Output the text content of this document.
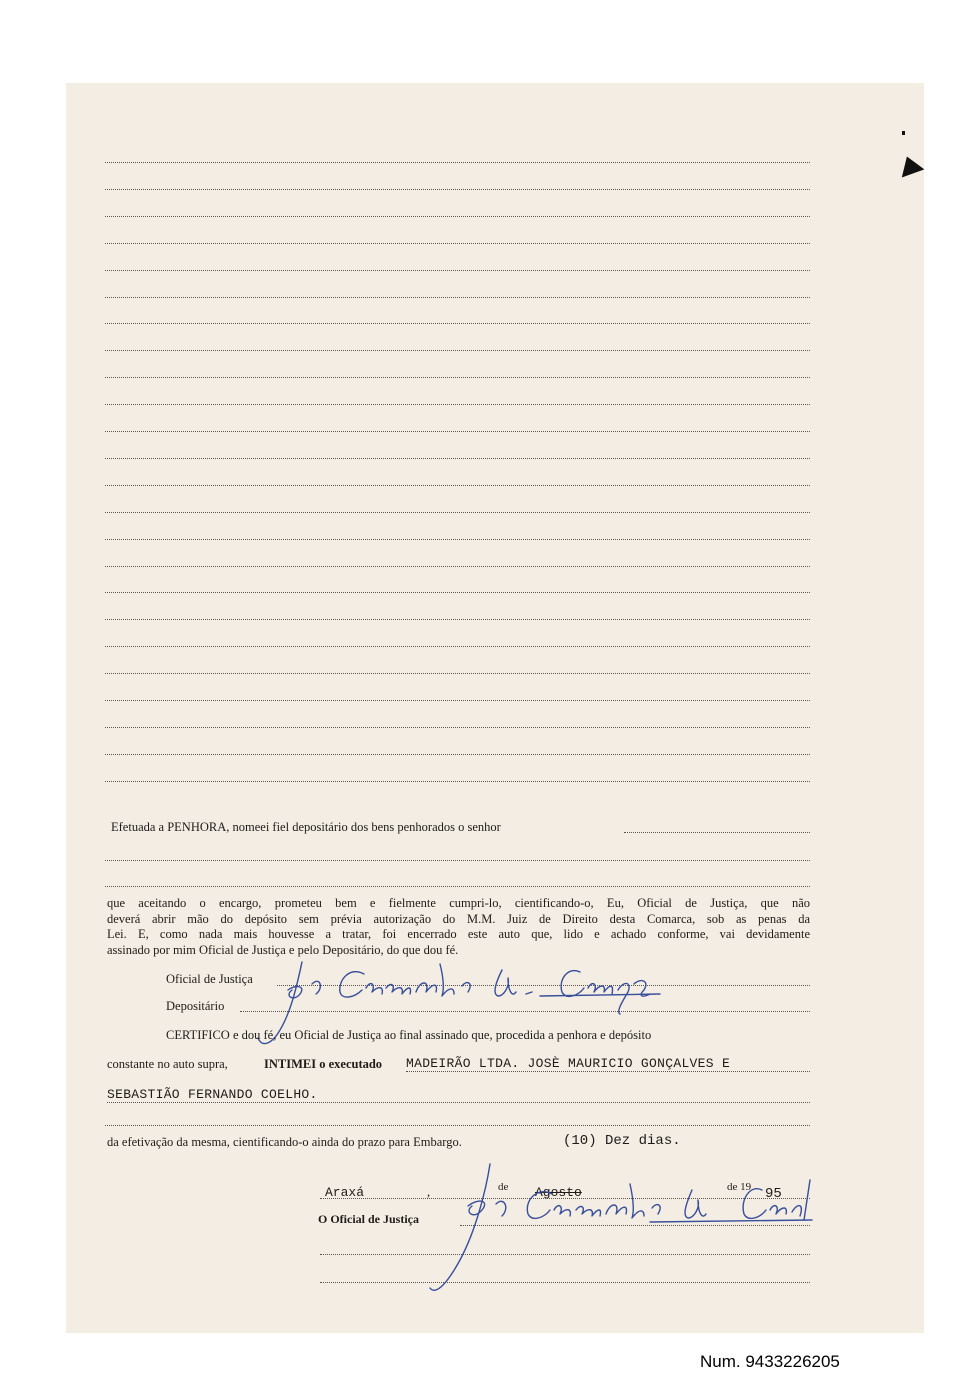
Efetuada a PENHORA, nomeei fiel depositário dos bens penhorados o senhor
que aceitando o encargo, prometeu bem e fielmente cumpri-lo, cientificando-o, Eu, Oficial de Justiça, que não
deverá abrir mão do depósito sem prévia autorização do M.M. Juiz de Direito desta Comarca, sob as penas da
Lei. E, como nada mais houvesse a tratar, foi encerrado este auto que, lido e achado conforme, vai devidamente
assinado por mim Oficial de Justiça e pelo Depositário, do que dou fé.
Oficial de Justiça
Depositário
CERTIFICO e dou fé, eu Oficial de Justiça ao final assinado que, procedida a penhora e depósito
constante no auto supra,	INTIMEI o executado MADEIRÃO LTDA. JOSÈ MAURICIO GONÇALVES E
SEBASTIÃO FERNANDO COELHO.
da efetivação da mesma, cientificando-o ainda do prazo para Embargo.	(10) Dez dias.
Araxá	,	de Agosto	de 19 95
O Oficial de Justiça
Num. 9433226205
